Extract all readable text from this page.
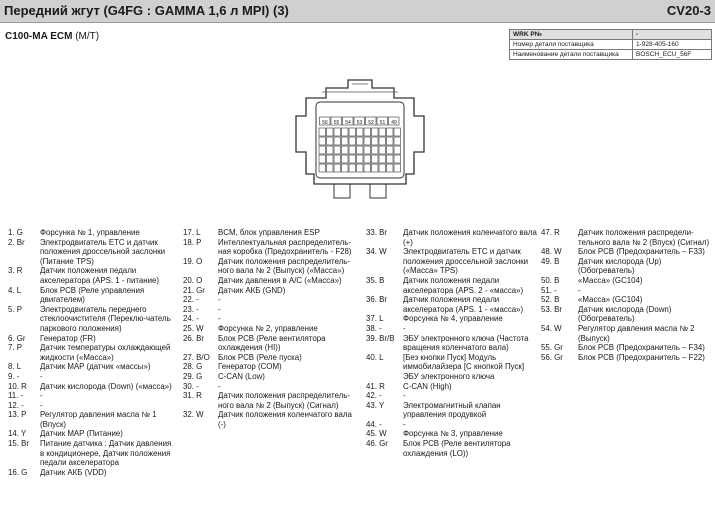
Передний жгут (G4FG : GAMMA 1,6 л MPI) (3)	CV20-3
C100-MA ECM (M/T)	WRK P№	-
Номер детали поставщика	1-928-405-160
Наименование детали поставщика	BOSCH_ECU_56F
56 55 54 53 52 51 49
1. G	Форсунка № 1, управление
2. Br	Электродвигатель ETC и датчик положения дроссельной заслонки (Питание TPS)
3. R	Датчик положения педали акселератора (APS. 1 - питание)
4. L	Блок PCB (Реле управления двигателем)
5. P	Электродвигатель переднего стеклоочистителя (Переклю-чатель паркового положения)
6. Gr	Генератор (FR)
7. P	Датчик температуры охлаждающей жидкости («Масса»)
8. L	Датчик MAP (датчик «массы»)
9. -	-
10. R	Датчик кислорода (Down) («масса»)
11. -	-
12. -	-
13. P	Регулятор давления масла № 1 (Впуск)
14. Y	Датчик MAP (Питание)
15. Br	Питание датчика : Датчик давления в кондиционере, Датчик положения педали акселератора
16. G	Датчик АКБ (VDD)
17. L	BCM, блок управления ESP
18. P	Интеллектуальная распределитель-ная коробка (Предохранитель - F28)
19. O	Датчик положения распределитель-ного вала № 2 (Выпуск) («Масса»)
20. O	Датчик давления в A/C («Масса»)
21. Gr	Датчик АКБ (GND)
22. -	-
23. -	-
24. -	-
25. W	Форсунка № 2, управление
26. Br	Блок PCB (Реле вентилятора охлаждения (HI))
27. B/O	Блок PCB (Реле пуска)
28. G	Генератор (COM)
29. G	C-CAN (Low)
30. -	-
31. R	Датчик положения распределитель-ного вала № 2 (Выпуск) (Сигнал)
32. W	Датчик положения коленчатого вала (-)
33. Br	Датчик положения коленчатого вала (+)
34. W	Электродвигатель ETC и датчик положения дроссельной заслонки («Масса» TPS)
35. B	Датчик положения педали акселератора (APS. 2 - «масса»)
36. Br	Датчик положения педали акселератора (APS. 1 - «масса»)
37. L	Форсунка № 4, управление
38. -	-
39. Br/B	ЭБУ электронного ключа (Частота вращения коленчатого вала)
40. L	[Без кнопки Пуск] Модуль иммобилайзера [С кнопкой Пуск] ЭБУ электронного ключа
41. R	C-CAN (High)
42. -	-
43. Y	Электромагнитный клапан управления продувкой
44. -	-
45. W	Форсунка № 3, управление
46. Gr	Блок PCB (Реле вентилятора охлаждения (LO))
47. R	Датчик положения распредели-тельного вала № 2 (Впуск) (Сигнал)
48. W	Блок PCB (Предохранитель – F33)
49. B	Датчик кислорода (Up) (Обогреватель)
50. B	«Масса» (GC104)
51. -	-
52. B	«Масса» (GC104)
53. Br	Датчик кислорода (Down) (Обогреватель)
54. W	Регулятор давления масла № 2 (Выпуск)
55. Gr	Блок PCB (Предохранитель – F34)
56. Gr	Блок PCB (Предохранитель – F22)
